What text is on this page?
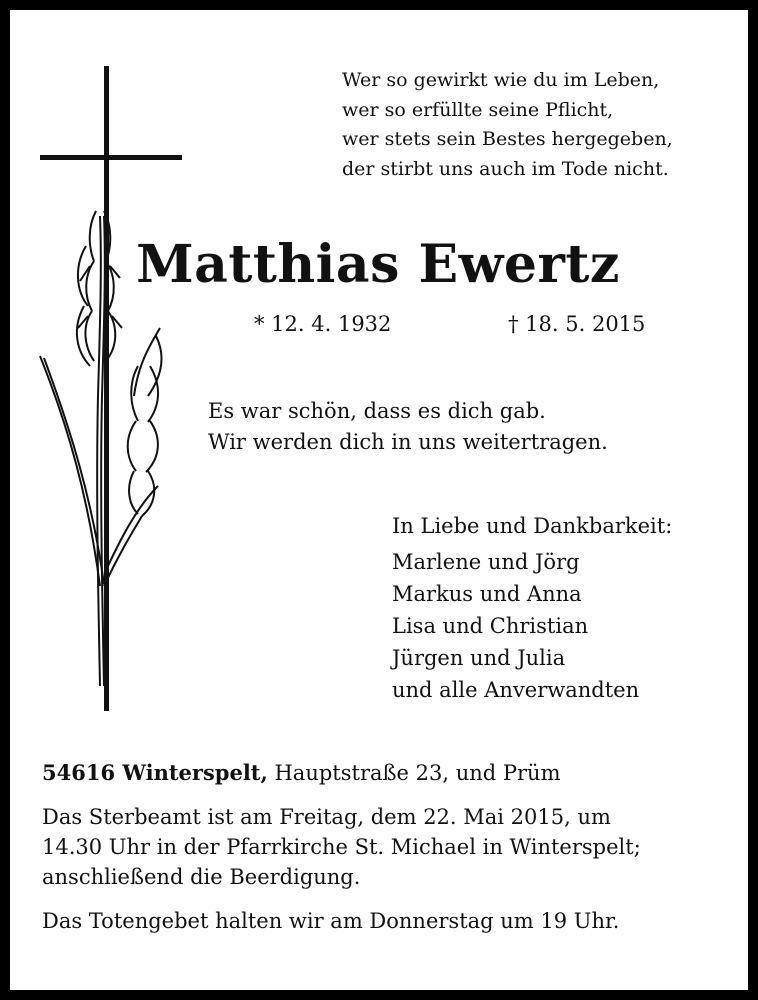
Wer so gewirkt wie du im Leben,
wer so erfüllte seine Pflicht,
wer stets sein Bestes hergegeben,
der stirbt uns auch im Tode nicht.
Matthias Ewertz
* 12. 4. 1932	† 18. 5. 2015
Es war schön, dass es dich gab.
Wir werden dich in uns weitertragen.
In Liebe und Dankbarkeit:
Marlene und Jörg
Markus und Anna
Lisa und Christian
Jürgen und Julia
und alle Anverwandten
54616 Winterspelt, Hauptstraße 23, und Prüm
Das Sterbeamt ist am Freitag, dem 22. Mai 2015, um
14.30 Uhr in der Pfarrkirche St. Michael in Winterspelt;
anschließend die Beerdigung.
Das Totengebet halten wir am Donnerstag um 19 Uhr.
